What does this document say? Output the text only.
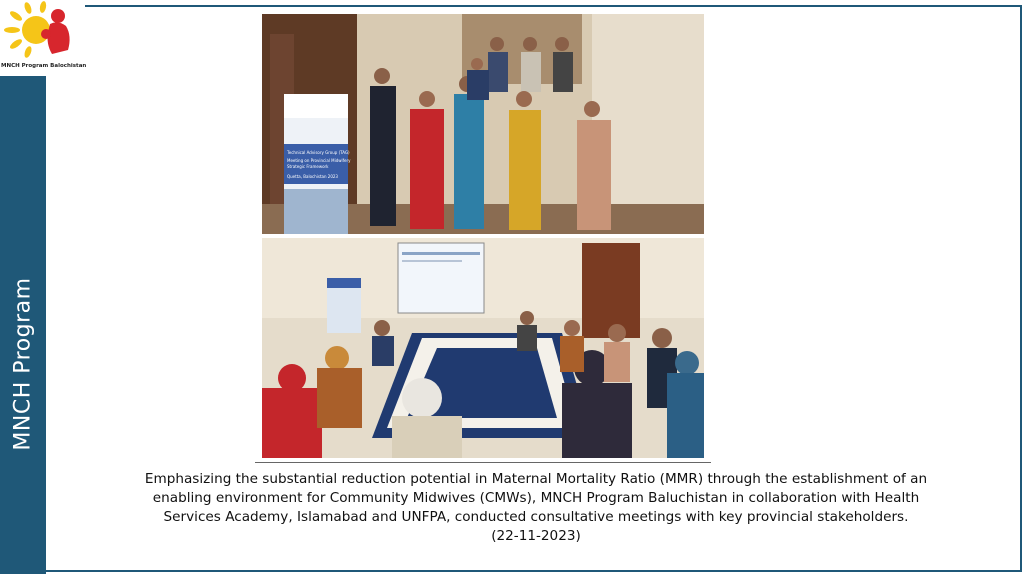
MNCH Program Balochistan
MNCH Program
Technical Advisory Group (TAG)
Meeting on Provincial Midwifery
Strategic Framework
Quetta, Balochistan 2023
Emphasizing the substantial reduction potential in Maternal Mortality Ratio (MMR) through the establishment of an
enabling environment for Community Midwives (CMWs), MNCH Program Baluchistan in collaboration with Health
Services Academy, Islamabad and UNFPA, conducted consultative meetings with key provincial stakeholders.
(22-11-2023)
